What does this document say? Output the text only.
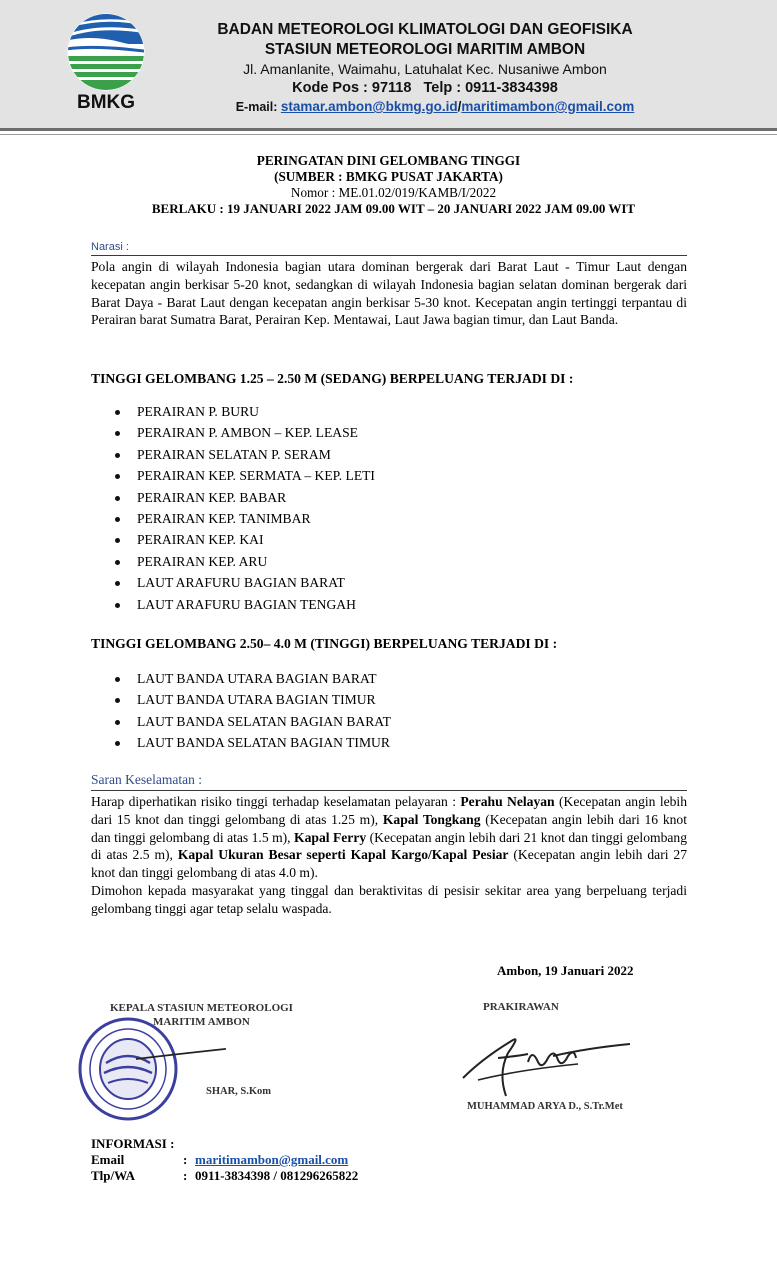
BMKG
BADAN METEOROLOGI KLIMATOLOGI DAN GEOFISIKA
STASIUN METEOROLOGI MARITIM AMBON
Jl. Amanlanite, Waimahu, Latuhalat Kec. Nusaniwe Ambon
Kode Pos : 97118 Telp : 0911-3834398
E-mail: stamar.ambon@bkmg.go.id/maritimambon@gmail.com
PERINGATAN DINI GELOMBANG TINGGI
(SUMBER : BMKG PUSAT JAKARTA)
Nomor : ME.01.02/019/KAMB/I/2022
BERLAKU : 19 JANUARI 2022 JAM 09.00 WIT – 20 JANUARI 2022 JAM 09.00 WIT
Narasi :
Pola angin di wilayah Indonesia bagian utara dominan bergerak dari Barat Laut - Timur Laut dengan kecepatan angin berkisar 5-20 knot, sedangkan di wilayah Indonesia bagian selatan dominan bergerak dari Barat Daya - Barat Laut dengan kecepatan angin berkisar 5-30 knot. Kecepatan angin tertinggi terpantau di Perairan barat Sumatra Barat, Perairan Kep. Mentawai, Laut Jawa bagian timur, dan Laut Banda.
TINGGI GELOMBANG 1.25 – 2.50 M (SEDANG) BERPELUANG TERJADI DI :
PERAIRAN P. BURU
PERAIRAN P. AMBON – KEP. LEASE
PERAIRAN SELATAN P. SERAM
PERAIRAN KEP. SERMATA – KEP. LETI
PERAIRAN KEP. BABAR
PERAIRAN KEP. TANIMBAR
PERAIRAN KEP. KAI
PERAIRAN KEP. ARU
LAUT ARAFURU BAGIAN BARAT
LAUT ARAFURU BAGIAN TENGAH
TINGGI GELOMBANG 2.50– 4.0 M (TINGGI) BERPELUANG TERJADI DI :
LAUT BANDA UTARA BAGIAN BARAT
LAUT BANDA UTARA BAGIAN TIMUR
LAUT BANDA SELATAN BAGIAN BARAT
LAUT BANDA SELATAN BAGIAN TIMUR
Saran Keselamatan :
Harap diperhatikan risiko tinggi terhadap keselamatan pelayaran : Perahu Nelayan (Kecepatan angin lebih dari 15 knot dan tinggi gelombang di atas 1.25 m), Kapal Tongkang (Kecepatan angin lebih dari 16 knot dan tinggi gelombang di atas 1.5 m), Kapal Ferry (Kecepatan angin lebih dari 21 knot dan tinggi gelombang di atas 2.5 m), Kapal Ukuran Besar seperti Kapal Kargo/Kapal Pesiar (Kecepatan angin lebih dari 27 knot dan tinggi gelombang di atas 4.0 m).
Dimohon kepada masyarakat yang tinggal dan beraktivitas di pesisir sekitar area yang berpeluang terjadi gelombang tinggi agar tetap selalu waspada.
Ambon, 19 Januari 2022
KEPALA STASIUN METEOROLOGI
MARITIM AMBON
SHAR, S.Kom
PRAKIRAWAN
MUHAMMAD ARYA D., S.Tr.Met
INFORMASI :
Email	: maritimambon@gmail.com
Tlp/WA	: 0911-3834398 / 081296265822
